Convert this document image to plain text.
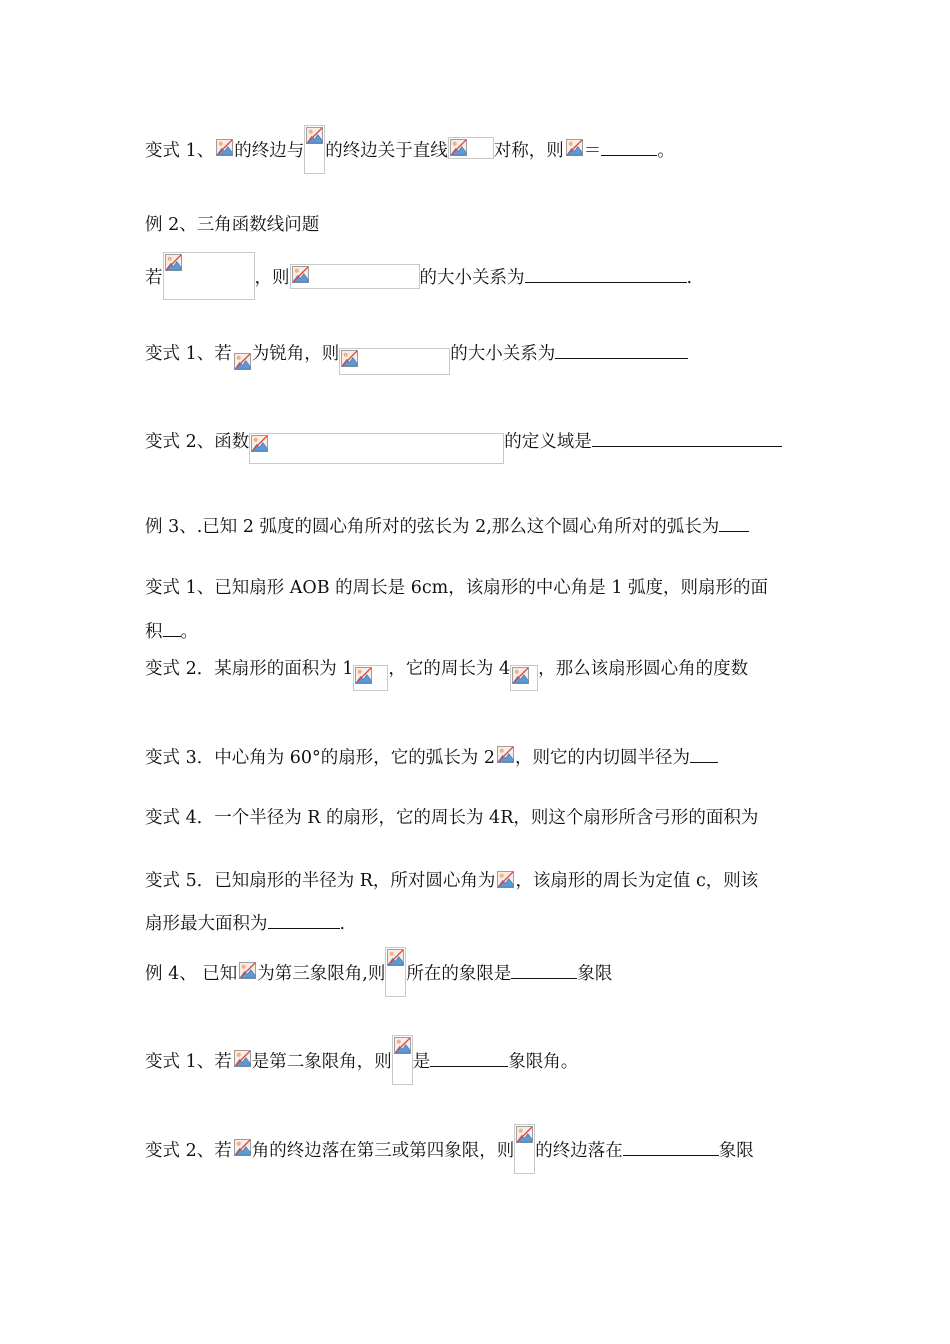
变式 1、 的终边与 的终边关于直线	对称，则 ＝	。
例 2、三角函数线问题
若	，则	的大小关系为	.
变式 1、若 为锐角，则	的大小关系为
变式 2、函数	的定义域是
例 3、.已知 2 弧度的圆心角所对的弦长为 2,那么这个圆心角所对的弧长为
变式 1、已知扇形 AOB 的周长是 6cm，该扇形的中心角是 1 弧度，则扇形的面
积 。
变式 2．某扇形的面积为 1 ，它的周长为 4 ，那么该扇形圆心角的度数
变式 3．中心角为 60°的扇形，它的弧长为 2 ，则它的内切圆半径为
变式 4．一个半径为 R 的扇形，它的周长为 4R，则这个扇形所含弓形的面积为
变式 5．已知扇形的半径为 R，所对圆心角为 ，该扇形的周长为定值 c，则该
扇形最大面积为	.
例 4、 已知 为第三象限角,则 所在的象限是	象限
变式 1、若 是第二象限角，则 是	象限角。
变式 2、若 角的终边落在第三或第四象限，则 的终边落在	象限
